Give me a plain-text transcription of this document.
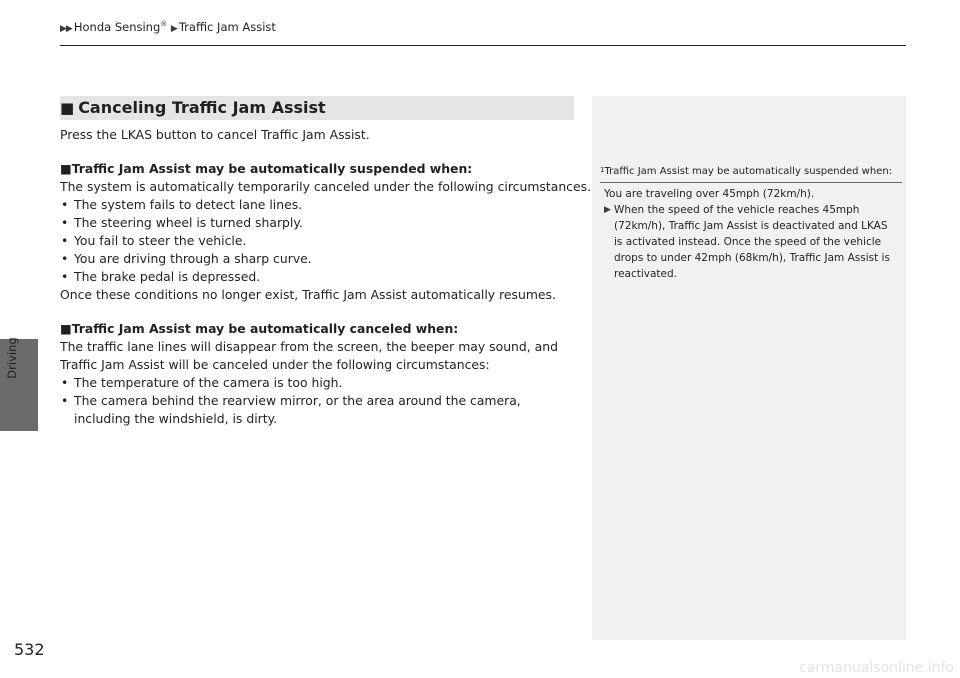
▶▶ Honda Sensing® ▶ Traffic Jam Assist
Driving
■ Canceling Traffic Jam Assist
Press the LKAS button to cancel Traffic Jam Assist.
■Traffic Jam Assist may be automatically suspended when:
The system is automatically temporarily canceled under the following circumstances.
• The system fails to detect lane lines.
• The steering wheel is turned sharply.
• You fail to steer the vehicle.
• You are driving through a sharp curve.
• The brake pedal is depressed.
Once these conditions no longer exist, Traffic Jam Assist automatically resumes.
■Traffic Jam Assist may be automatically canceled when:
The traffic lane lines will disappear from the screen, the beeper may sound, and Traffic Jam Assist will be canceled under the following circumstances:
• The temperature of the camera is too high.
• The camera behind the rearview mirror, or the area around the camera, including the windshield, is dirty.
$^1$Traffic Jam Assist may be automatically suspended when:
You are traveling over 45mph (72km/h).
▶ When the speed of the vehicle reaches 45mph (72km/h), Traffic Jam Assist is deactivated and LKAS is activated instead. Once the speed of the vehicle drops to under 42mph (68km/h), Traffic Jam Assist is reactivated.
532
carmanualsonline.info
